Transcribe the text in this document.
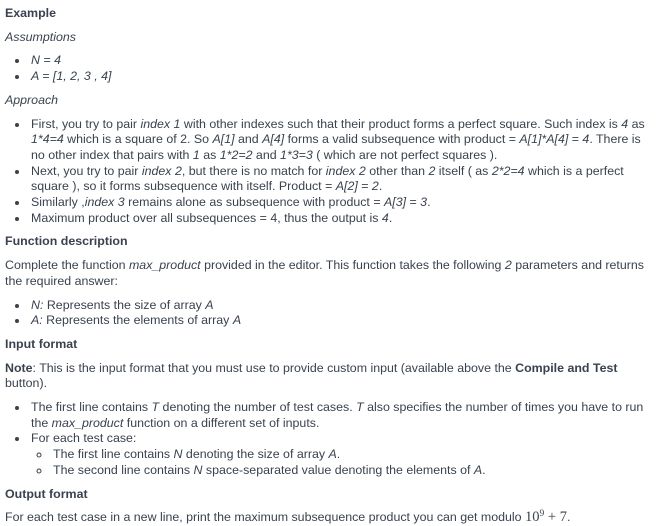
Example
Assumptions
• N = 4
• A = [1, 2, 3 , 4]
Approach
• First, you try to pair index 1 with other indexes such that their product forms a perfect square. Such index is 4 as 1*4=4 which is a square of 2. So A[1] and A[4] forms a valid subsequence with product = A[1]*A[4] = 4. There is no other index that pairs with 1 as 1*2=2 and 1*3=3 ( which are not perfect squares ).
• Next, you try to pair index 2, but there is no match for index 2 other than 2 itself ( as 2*2=4 which is a perfect square ), so it forms subsequence with itself. Product = A[2] = 2.
• Similarly ,index 3 remains alone as subsequence with product = A[3] = 3.
• Maximum product over all subsequences = 4, thus the output is 4.
Function description
Complete the function max_product provided in the editor. This function takes the following 2 parameters and returns the required answer:
• N: Represents the size of array A
• A: Represents the elements of array A
Input format
Note: This is the input format that you must use to provide custom input (available above the Compile and Test button).
• The first line contains T denoting the number of test cases. T also specifies the number of times you have to run the max_product function on a different set of inputs.
• For each test case:
◦ The first line contains N denoting the size of array A.
◦ The second line contains N space-separated value denoting the elements of A.
Output format
For each test case in a new line, print the maximum subsequence product you can get modulo $10^9 + 7$.
